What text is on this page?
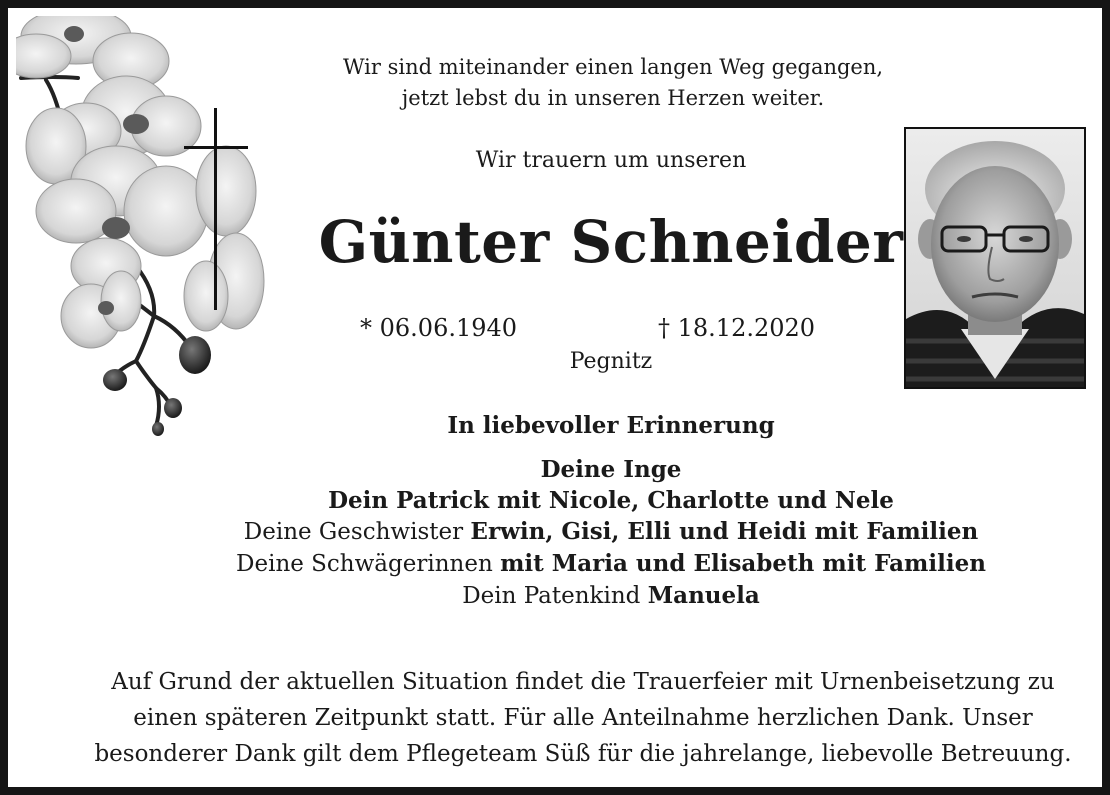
Wir sind miteinander einen langen Weg gegangen,
jetzt lebst du in unseren Herzen weiter.
Wir trauern um unseren
Günter Schneider
* 06.06.1940	† 18.12.2020
Pegnitz
In liebevoller Erinnerung
Deine Inge
Dein Patrick mit Nicole, Charlotte und Nele
Deine Geschwister Erwin, Gisi, Elli und Heidi mit Familien
Deine Schwägerinnen mit Maria und Elisabeth mit Familien
Dein Patenkind Manuela
Auf Grund der aktuellen Situation findet die Trauerfeier mit Urnenbeisetzung zu
einen späteren Zeitpunkt statt. Für alle Anteilnahme herzlichen Dank. Unser
besonderer Dank gilt dem Pflegeteam Süß für die jahrelange, liebevolle Betreuung.
